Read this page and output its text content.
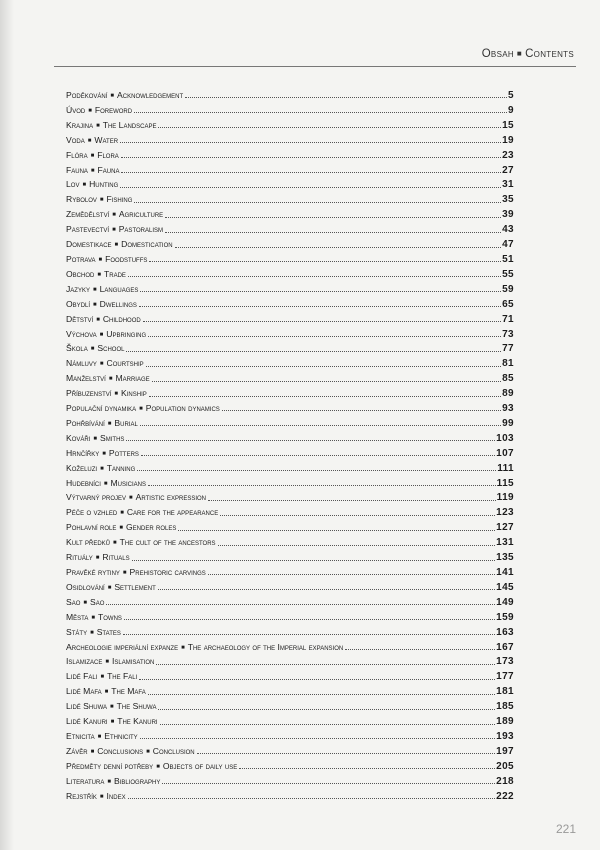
Obsah ■ Contents
Poděkování ■ Acknowledgement	5
Úvod ■ Foreword	9
Krajina ■ The Landscape	15
Voda ■ Water	19
Flóra ■ Flora	23
Fauna ■ Fauna	27
Lov ■ Hunting	31
Rybolov ■ Fishing	35
Zemědělství ■ Agriculture	39
Pastevectví ■ Pastoralism	43
Domestikace ■ Domestication	47
Potrava ■ Foodstuffs	51
Obchod ■ Trade	55
Jazyky ■ Languages	59
Obydlí ■ Dwellings	65
Dětství ■ Childhood	71
Výchova ■ Upbringing	73
Škola ■ School	77
Námluvy ■ Courtship	81
Manželství ■ Marriage	85
Příbuzenství ■ Kinship	89
Populační dynamika ■ Population dynamics	93
Pohřbívání ■ Burial	99
Kováři ■ Smiths	103
Hrnčířky ■ Potters	107
Koželuzi ■ Tanning	111
Hudebníci ■ Musicians	115
Výtvarný projev ■ Artistic expression	119
Péče o vzhled ■ Care for the appearance	123
Pohlavní role ■ Gender roles	127
Kult předků ■ The cult of the ancestors	131
Rituály ■ Rituals	135
Pravěké rytiny ■ Prehistoric carvings	141
Osidlování ■ Settlement	145
Sao ■ Sao	149
Města ■ Towns	159
Státy ■ States	163
Archeologie imperiální expanze ■ The archaeology of the Imperial expansion	167
Islamizace ■ Islamisation	173
Lidé Fali ■ The Fali	177
Lidé Mafa ■ The Mafa	181
Lidé Shuwa ■ The Shuwa	185
Lidé Kanuri ■ The Kanuri	189
Etnicita ■ Ethnicity	193
Závěr ■ Conclusions ■ Conclusion	197
Předměty denní potřeby ■ Objects of daily use	205
Literatura ■ Bibliography	218
Rejstřík ■ Index	222
221
